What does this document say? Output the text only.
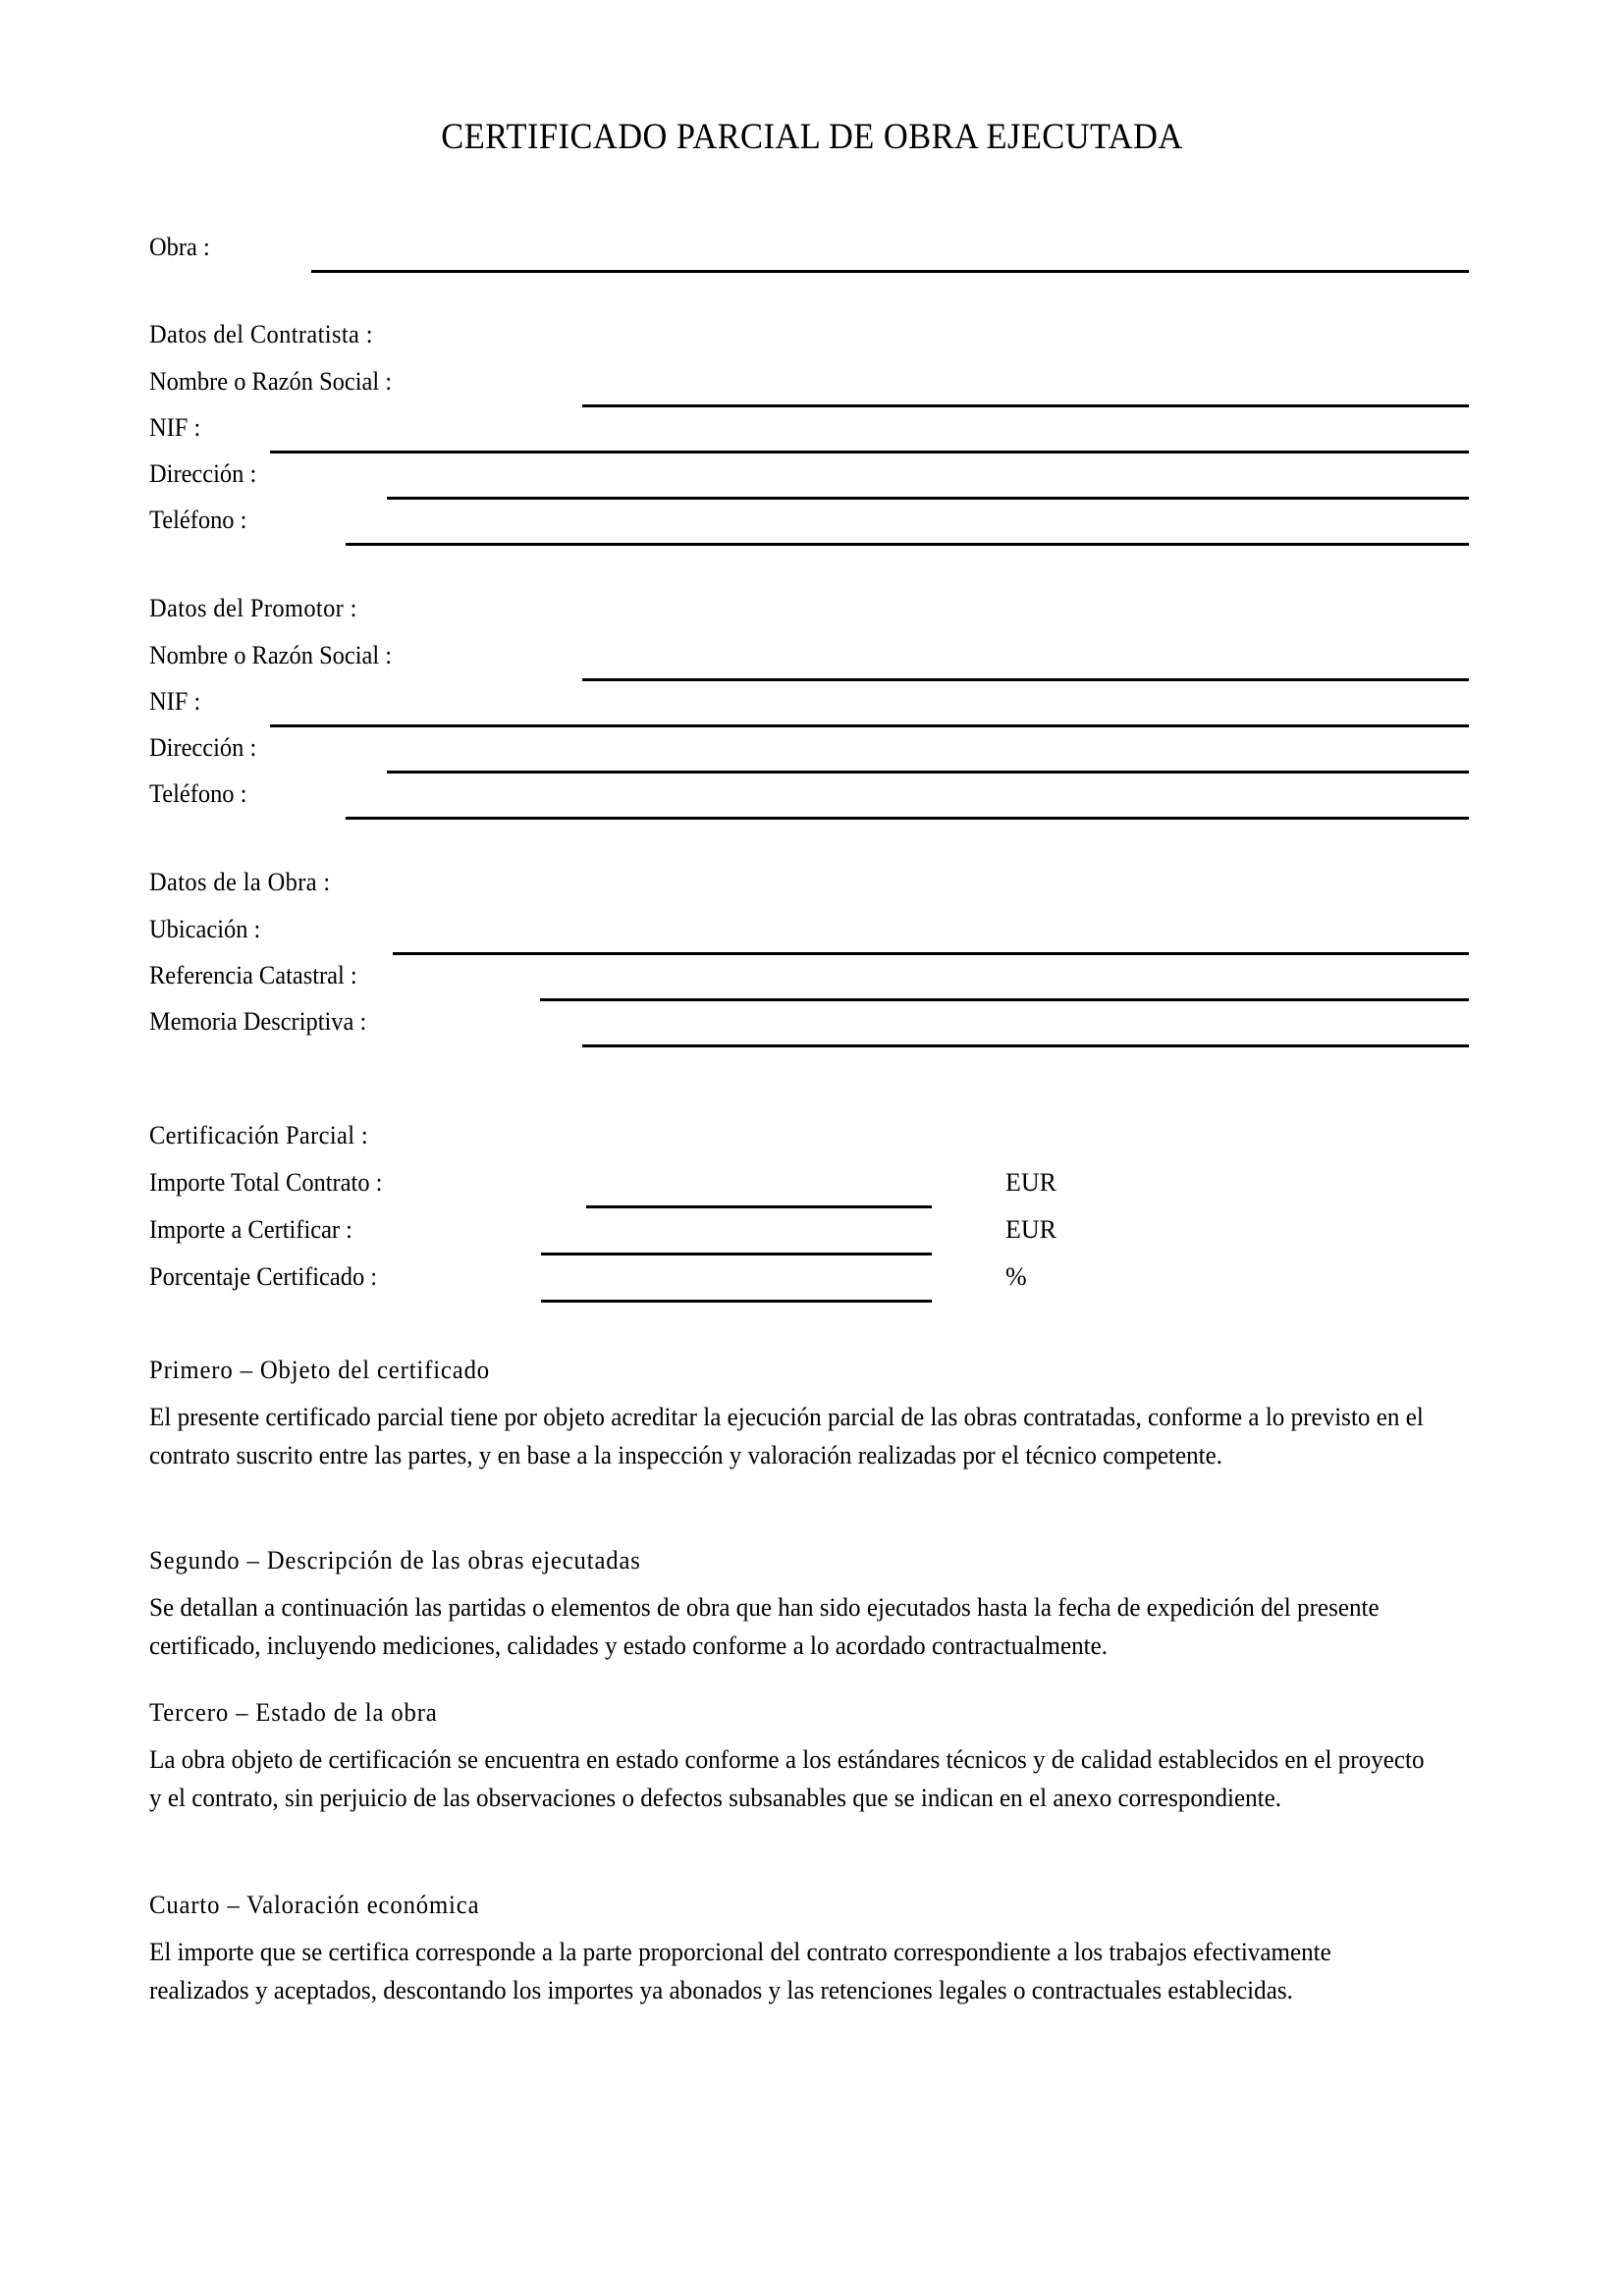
CERTIFICADO PARCIAL DE OBRA EJECUTADA
Obra :
Datos del Contratista :
Nombre o Razón Social :
NIF :
Dirección :
Teléfono :
Datos del Promotor :
Nombre o Razón Social :
NIF :
Dirección :
Teléfono :
Datos de la Obra :
Ubicación :
Referencia Catastral :
Memoria Descriptiva :
Certificación Parcial :
Importe Total Contrato :	EUR
Importe a Certificar :	EUR
Porcentaje Certificado :	%
Primero – Objeto del certificado
El presente certificado parcial tiene por objeto acreditar la ejecución parcial de las obras contratadas, conforme a lo previsto en el contrato suscrito entre las partes, y en base a la inspección y valoración realizadas por el técnico competente.
Segundo – Descripción de las obras ejecutadas
Se detallan a continuación las partidas o elementos de obra que han sido ejecutados hasta la fecha de expedición del presente certificado, incluyendo mediciones, calidades y estado conforme a lo acordado contractualmente.
Tercero – Estado de la obra
La obra objeto de certificación se encuentra en estado conforme a los estándares técnicos y de calidad establecidos en el proyecto y el contrato, sin perjuicio de las observaciones o defectos subsanables que se indican en el anexo correspondiente.
Cuarto – Valoración económica
El importe que se certifica corresponde a la parte proporcional del contrato correspondiente a los trabajos efectivamente realizados y aceptados, descontando los importes ya abonados y las retenciones legales o contractuales establecidas.
